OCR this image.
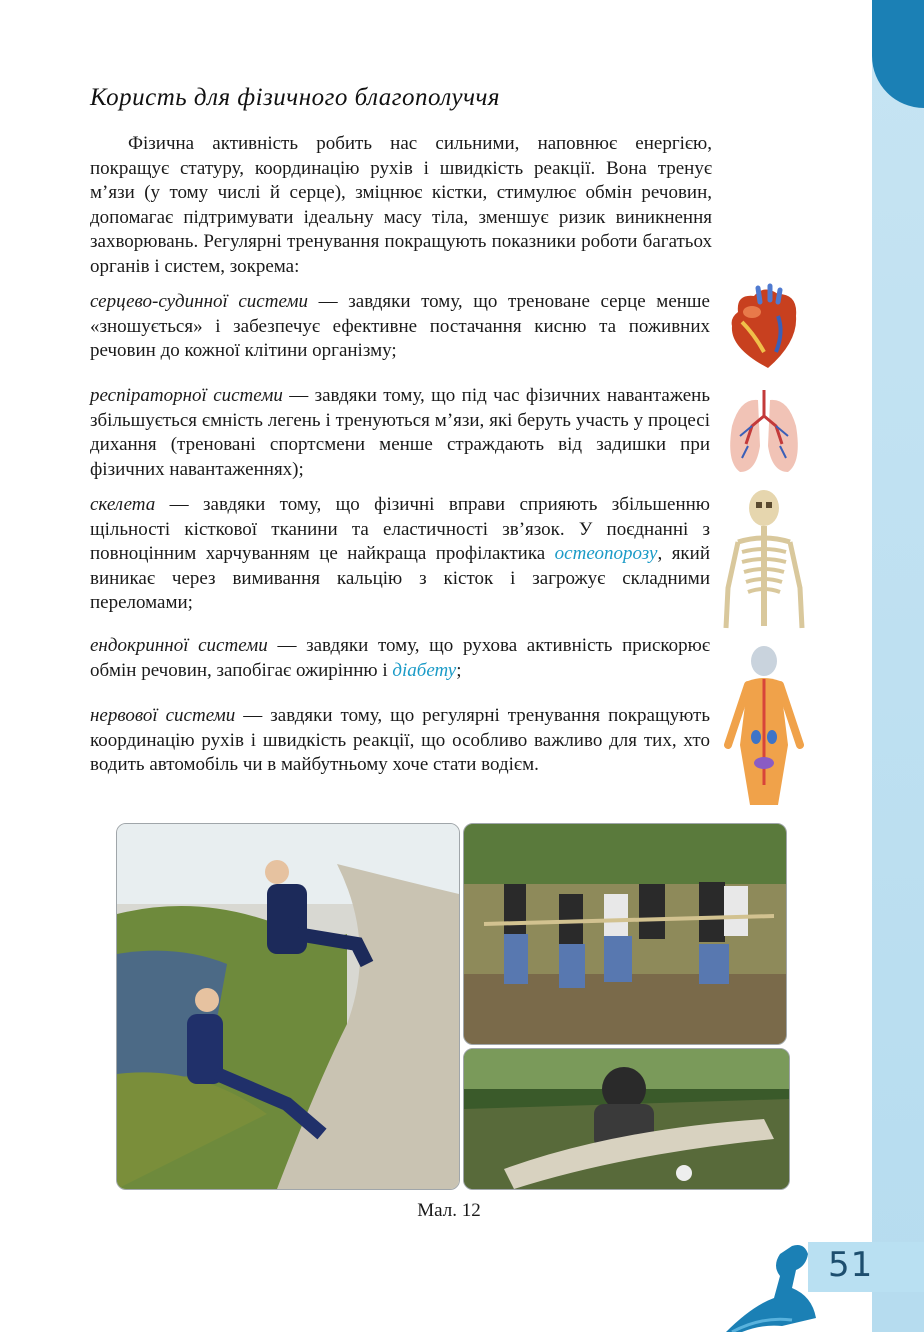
Користь для фізичного благополуччя

Фізична активність робить нас сильними, наповнює енергією, покращує статуру, координацію рухів і швидкість реакції. Вона тренує м’язи (у тому числі й серце), зміцнює кістки, стимулює обмін речовин, допомагає підтримувати ідеальну масу тіла, зменшує ризик виникнення захворювань. Регулярні тренування покращують показники роботи багатьох органів і систем, зокрема:

серцево-судинної системи — завдяки тому, що треноване серце менше «зношується» і забезпечує ефективне постачання кисню та поживних речовин до кожної клітини організму;

респіраторної системи — завдяки тому, що під час фізичних навантажень збільшується ємність легень і тренуються м’язи, які беруть участь у процесі дихання (треновані спортсмени менше страждають від задишки при фізичних навантаженнях);

скелета — завдяки тому, що фізичні вправи сприяють збільшенню щільності кісткової тканини та еластичності зв’язок. У поєднанні з повноцінним харчуванням це найкраща профілактика остеопорозу, який виникає через вимивання кальцію з кісток і загрожує складними переломами;

ендокринної системи — завдяки тому, що рухова активність прискорює обмін речовин, запобігає ожирінню і діабету;

нервової системи — завдяки тому, що регулярні тренування покращують координацію рухів і швидкість реакції, що особливо важливо для тих, хто водить автомобіль чи в майбутньому хоче стати водієм.

Мал. 12
51
